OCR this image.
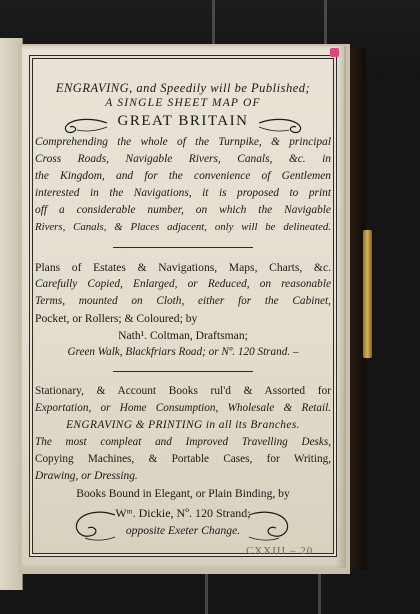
ENGRAVING, and Speedily will be Published;
A SINGLE SHEET MAP OF
GREAT BRITAIN
Comprehending the whole of the Turnpike, & principal
Cross Roads, Navigable Rivers, Canals, &c. in
the Kingdom, and for the convenience of Gentlemen
interested in the Navigations, it is proposed to print
off a considerable number, on which the Navigable
Rivers, Canals, & Places adjacent, only will be delineated.
Plans of Estates & Navigations, Maps, Charts, &c.
Carefully Copied, Enlarged, or Reduced, on reasonable
Terms, mounted on Cloth, either for the Cabinet,
Pocket, or Rollers; & Coloured; by
Nath¹. Coltman, Draftsman;
Green Walk, Blackfriars Road; or Nº. 120 Strand. –
Stationary, & Account Books rul'd & Assorted for
Exportation, or Home Consumption, Wholesale & Retail.
ENGRAVING & PRINTING in all its Branches.
The most compleat and Improved Travelling Desks,
Copying Machines, & Portable Cases, for Writing,
Drawing, or Dressing.
Books Bound in Elegant, or Plain Binding, by
Wᵐ. Dickie, Nº. 120 Strand;
opposite Exeter Change.
CXXIII – 20
